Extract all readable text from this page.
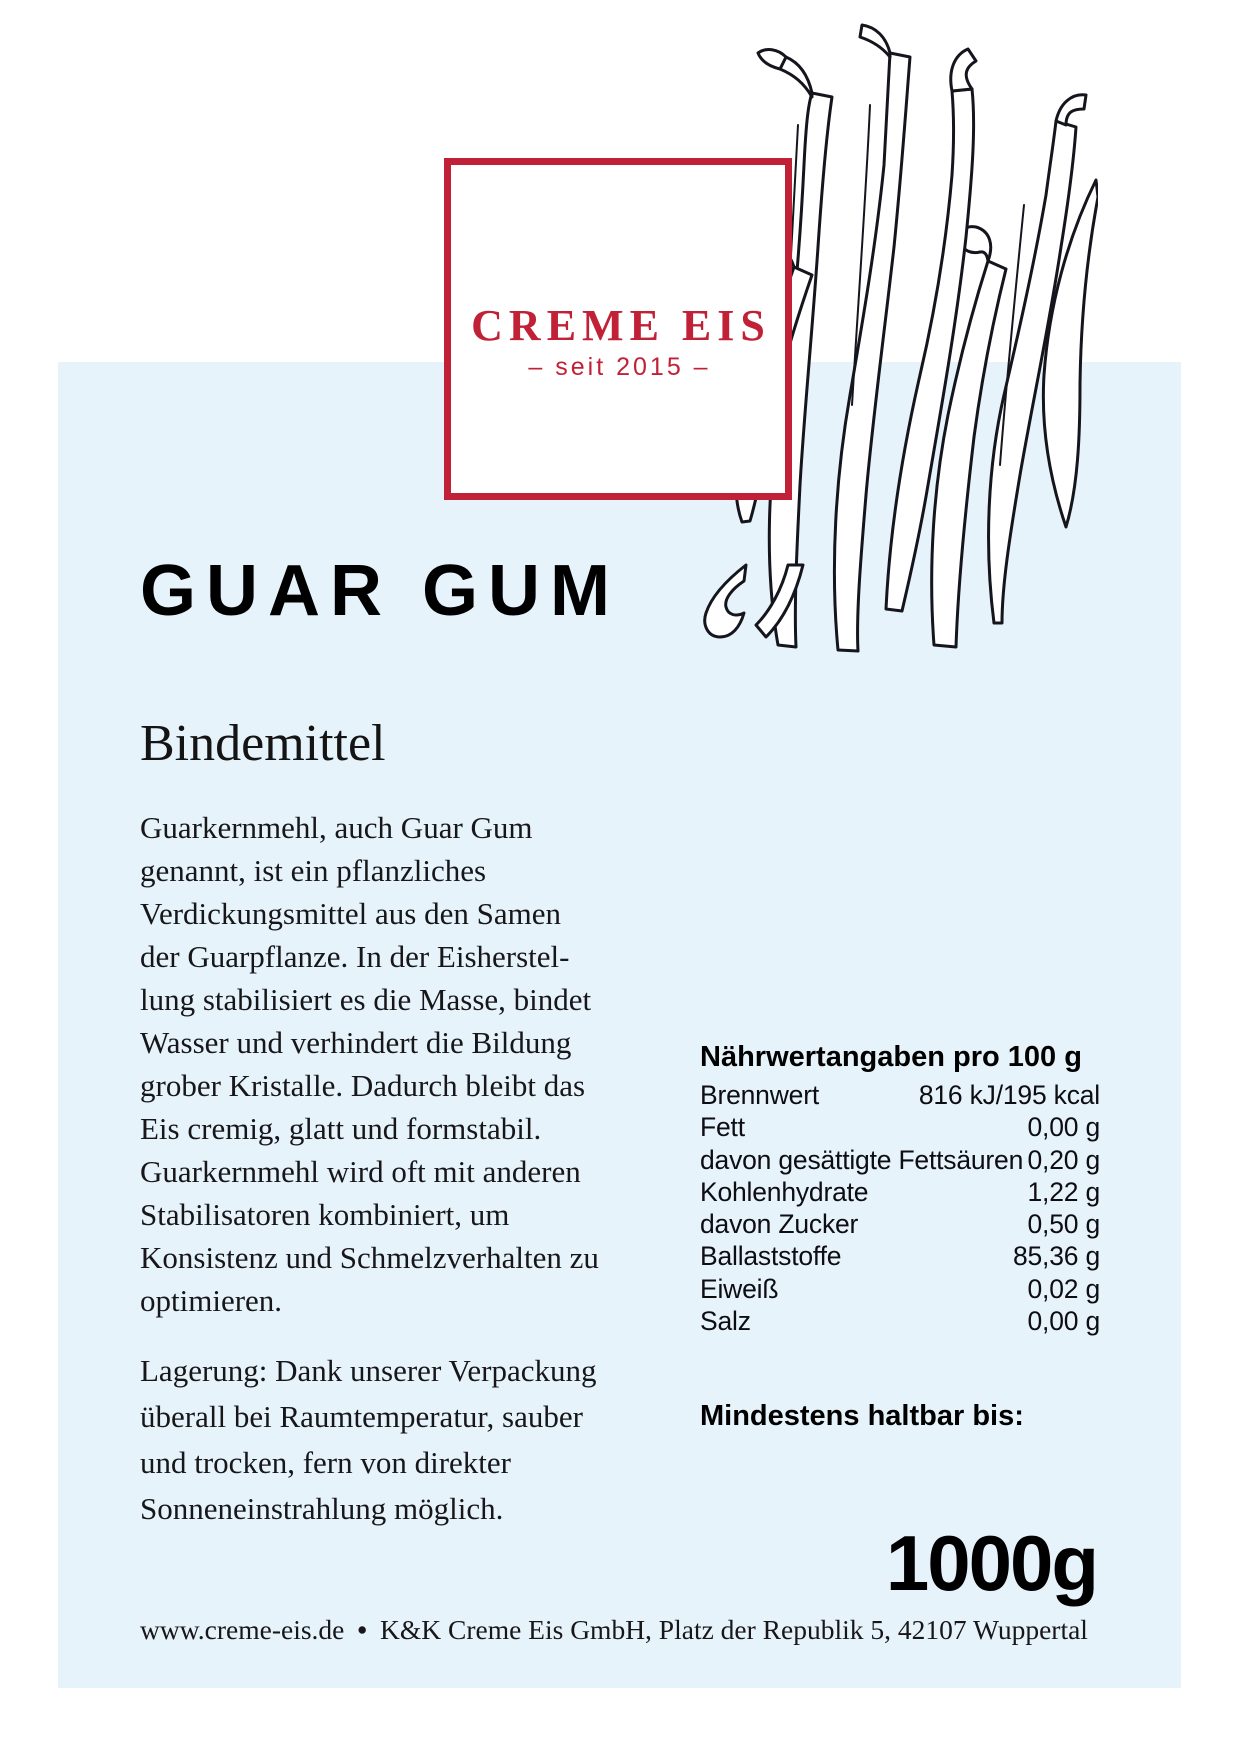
CREME EIS
– seit 2015 –
GUAR GUM
Bindemittel
Guarkernmehl, auch Guar Gum
genannt, ist ein pflanzliches
Verdickungsmittel aus den Samen
der Guarpflanze. In der Eisherstel-
lung stabilisiert es die Masse, bindet
Wasser und verhindert die Bildung
grober Kristalle. Dadurch bleibt das
Eis cremig, glatt und formstabil.
Guarkernmehl wird oft mit anderen
Stabilisatoren kombiniert, um
Konsistenz und Schmelzverhalten zu
optimieren.
Lagerung: Dank unserer Verpackung
überall bei Raumtemperatur, sauber
und trocken, fern von direkter
Sonneneinstrahlung möglich.
Nährwertangaben pro 100 g
Brennwert	816 kJ/195 kcal
Fett	0,00 g
davon gesättigte Fettsäuren 0,20 g
Kohlenhydrate	1,22 g
davon Zucker	0,50 g
Ballaststoffe	85,36 g
Eiweiß	0,02 g
Salz	0,00 g
Mindestens haltbar bis:
1000g
www.creme-eis.de • K&K Creme Eis GmbH, Platz der Republik 5, 42107 Wuppertal
